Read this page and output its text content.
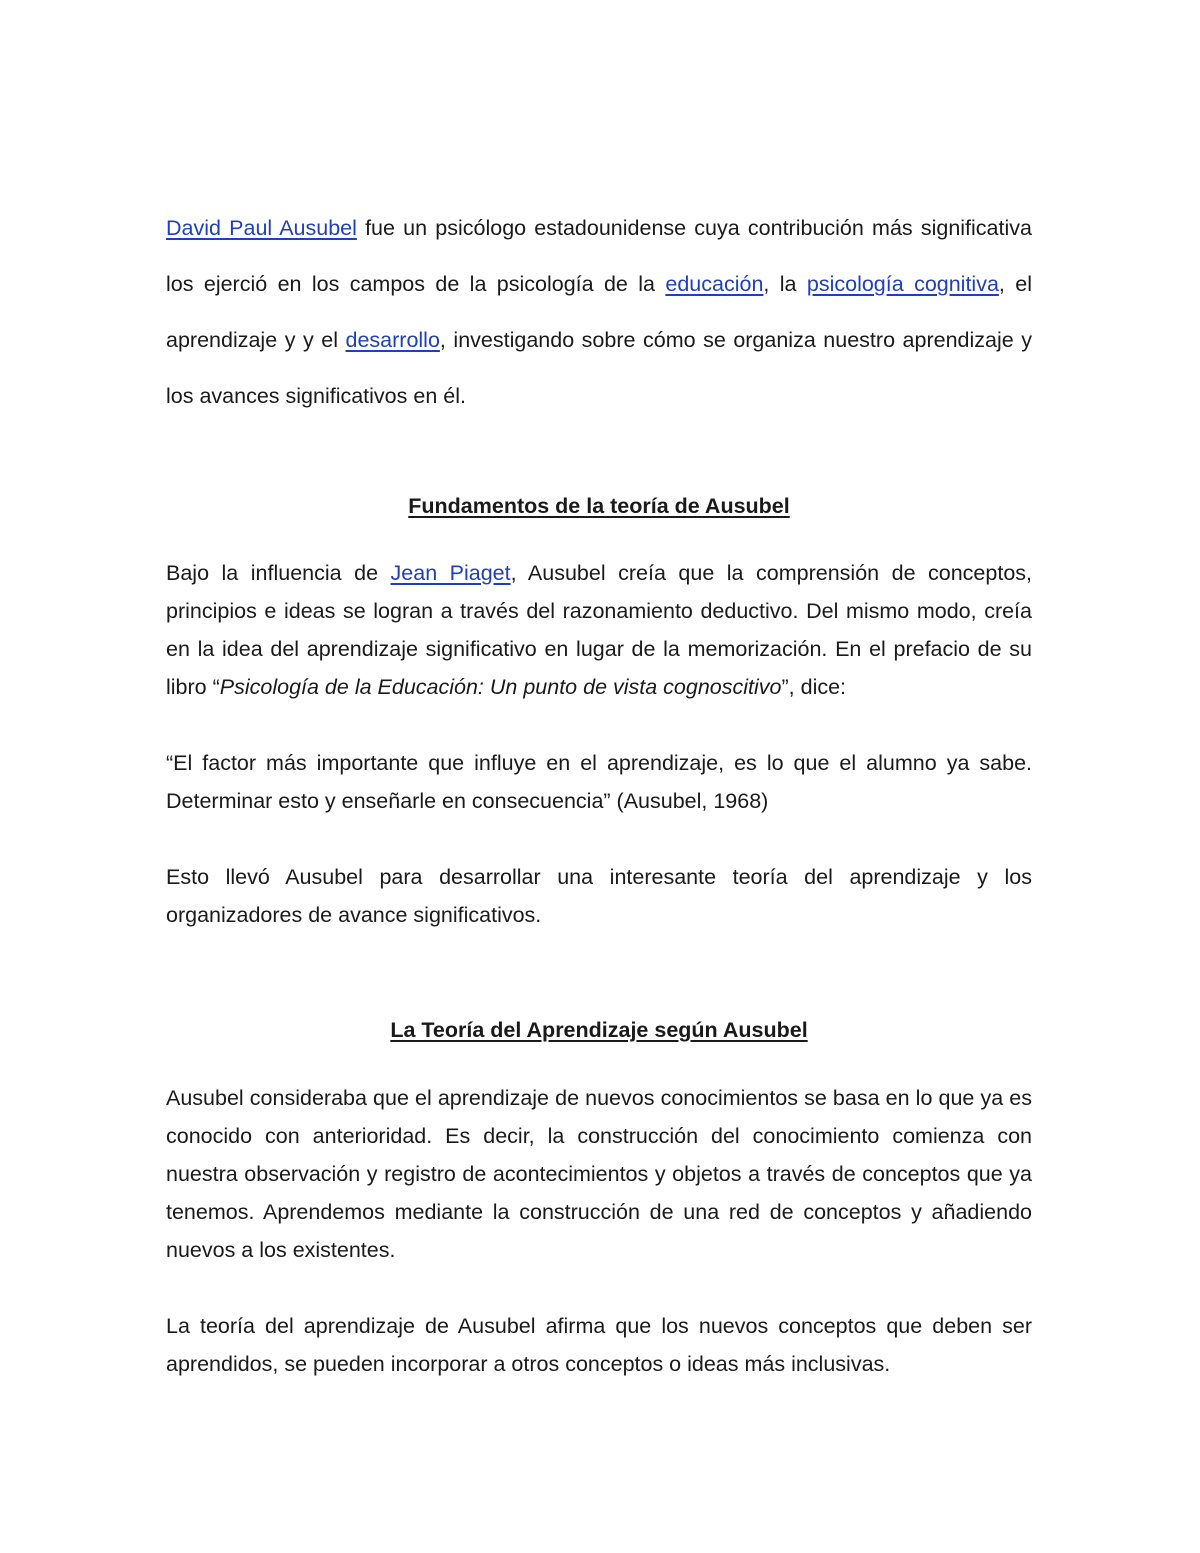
David Paul Ausubel fue un psicólogo estadounidense cuya contribución más significativa los ejerció en los campos de la psicología de la educación, la psicología cognitiva, el aprendizaje y y el desarrollo, investigando sobre cómo se organiza nuestro aprendizaje y los avances significativos en él.

Fundamentos de la teoría de Ausubel

Bajo la influencia de Jean Piaget, Ausubel creía que la comprensión de conceptos, principios e ideas se logran a través del razonamiento deductivo. Del mismo modo, creía en la idea del aprendizaje significativo en lugar de la memorización. En el prefacio de su libro “Psicología de la Educación: Un punto de vista cognoscitivo”, dice:

“El factor más importante que influye en el aprendizaje, es lo que el alumno ya sabe. Determinar esto y enseñarle en consecuencia” (Ausubel, 1968)

Esto llevó Ausubel para desarrollar una interesante teoría del aprendizaje y los organizadores de avance significativos.

La Teoría del Aprendizaje según Ausubel

Ausubel consideraba que el aprendizaje de nuevos conocimientos se basa en lo que ya es conocido con anterioridad. Es decir, la construcción del conocimiento comienza con nuestra observación y registro de acontecimientos y objetos a través de conceptos que ya tenemos. Aprendemos mediante la construcción de una red de conceptos y añadiendo nuevos a los existentes.

La teoría del aprendizaje de Ausubel afirma que los nuevos conceptos que deben ser aprendidos, se pueden incorporar a otros conceptos o ideas más inclusivas.
